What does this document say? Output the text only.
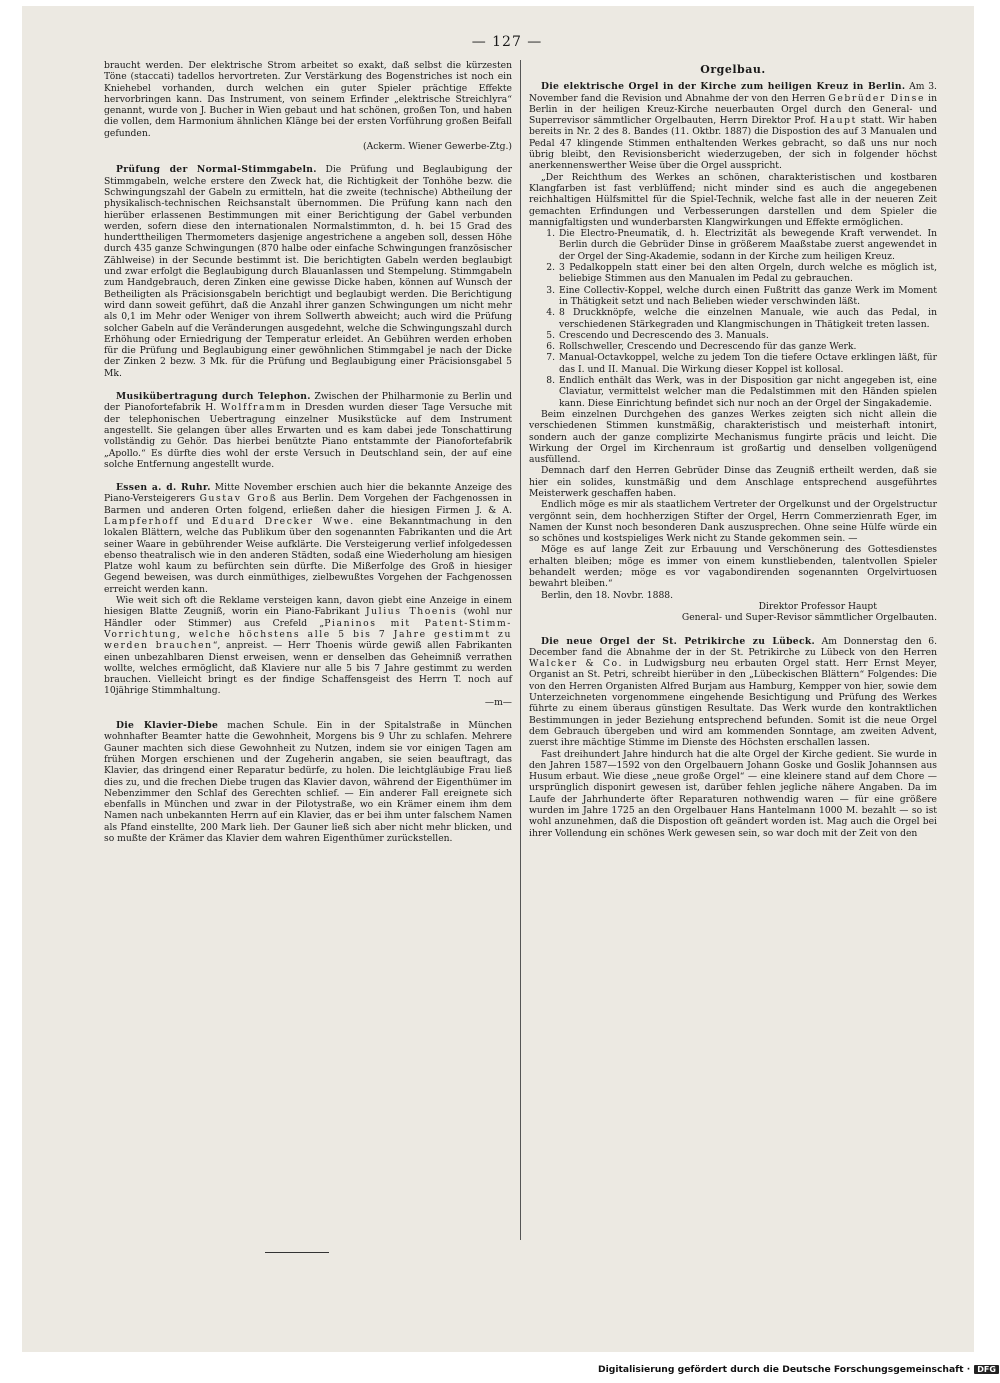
— 127 —

braucht werden. Der elektrische Strom arbeitet so exakt, daß selbst die kürzesten Töne (staccati) tadellos hervortreten. Zur Verstärkung des Bogenstriches ist noch ein Kniehebel vorhanden, durch welchen ein guter Spieler prächtige Effekte hervorbringen kann. Das Instrument, von seinem Erfinder „elektrische Streichlyra“ genannt, wurde von J. Bucher in Wien gebaut und hat schönen, großen Ton, und haben die vollen, dem Harmonium ähnlichen Klänge bei der ersten Vorführung großen Beifall gefunden.

(Ackerm. Wiener Gewerbe-Ztg.)

Prüfung der Normal-Stimmgabeln. Die Prüfung und Beglaubigung der Stimmgabeln, welche erstere den Zweck hat, die Richtigkeit der Tonhöhe bezw. die Schwingungszahl der Gabeln zu ermitteln, hat die zweite (technische) Abtheilung der physikalisch-technischen Reichsanstalt übernommen. Die Prüfung kann nach den hierüber erlassenen Bestimmungen mit einer Berichtigung der Gabel verbunden werden, sofern diese den internationalen Normalstimmton, d. h. bei 15 Grad des hunderttheiligen Thermometers dasjenige angestrichene a angeben soll, dessen Höhe durch 435 ganze Schwingungen (870 halbe oder einfache Schwingungen französischer Zählweise) in der Secunde bestimmt ist. Die berichtigten Gabeln werden beglaubigt und zwar erfolgt die Beglaubigung durch Blauanlassen und Stempelung. Stimmgabeln zum Handgebrauch, deren Zinken eine gewisse Dicke haben, können auf Wunsch der Betheiligten als Präcisionsgabeln berichtigt und beglaubigt werden. Die Berichtigung wird dann soweit geführt, daß die Anzahl ihrer ganzen Schwingungen um nicht mehr als 0,1 im Mehr oder Weniger von ihrem Sollwerth abweicht; auch wird die Prüfung solcher Gabeln auf die Veränderungen ausgedehnt, welche die Schwingungszahl durch Erhöhung oder Erniedrigung der Temperatur erleidet. An Gebühren werden erhoben für die Prüfung und Beglaubigung einer gewöhnlichen Stimmgabel je nach der Dicke der Zinken 2 bezw. 3 Mk. für die Prüfung und Beglaubigung einer Präcisionsgabel 5 Mk.

Musikübertragung durch Telephon. Zwischen der Philharmonie zu Berlin und der Pianofortefabrik H. Wolfframm in Dresden wurden dieser Tage Versuche mit der telephonischen Uebertragung einzelner Musikstücke auf dem Instrument angestellt. Sie gelangen über alles Erwarten und es kam dabei jede Tonschattirung vollständig zu Gehör. Das hierbei benützte Piano entstammte der Pianofortefabrik „Apollo.“ Es dürfte dies wohl der erste Versuch in Deutschland sein, der auf eine solche Entfernung angestellt wurde.

Essen a. d. Ruhr. Mitte November erschien auch hier die bekannte Anzeige des Piano-Versteigerers Gustav Groß aus Berlin. Dem Vorgehen der Fachgenossen in Barmen und anderen Orten folgend, erließen daher die hiesigen Firmen J. & A. Lampferhoff und Eduard Drecker Wwe. eine Bekanntmachung in den lokalen Blättern, welche das Publikum über den sogenannten Fabrikanten und die Art seiner Waare in gebührender Weise aufklärte. Die Versteigerung verlief infolgedessen ebenso theatralisch wie in den anderen Städten, sodaß eine Wiederholung am hiesigen Platze wohl kaum zu befürchten sein dürfte. Die Mißerfolge des Groß in hiesiger Gegend beweisen, was durch einmüthiges, zielbewußtes Vorgehen der Fachgenossen erreicht werden kann.

Wie weit sich oft die Reklame versteigen kann, davon giebt eine Anzeige in einem hiesigen Blatte Zeugniß, worin ein Piano-Fabrikant Julius Thoenis (wohl nur Händler oder Stimmer) aus Crefeld „Pianinos mit Patent-Stimm-Vorrichtung, welche höchstens alle 5 bis 7 Jahre gestimmt zu werden brauchen“, anpreist. — Herr Thoenis würde gewiß allen Fabrikanten einen unbezahlbaren Dienst erweisen, wenn er denselben das Geheimniß verrathen wollte, welches ermöglicht, daß Klaviere nur alle 5 bis 7 Jahre gestimmt zu werden brauchen. Vielleicht bringt es der findige Schaffensgeist des Herrn T. noch auf 10jährige Stimmhaltung.

—m—

Die Klavier-Diebe machen Schule. Ein in der Spitalstraße in München wohnhafter Beamter hatte die Gewohnheit, Morgens bis 9 Uhr zu schlafen. Mehrere Gauner machten sich diese Gewohnheit zu Nutzen, indem sie vor einigen Tagen am frühen Morgen erschienen und der Zugeherin angaben, sie seien beauftragt, das Klavier, das dringend einer Reparatur bedürfe, zu holen. Die leichtgläubige Frau ließ dies zu, und die frechen Diebe trugen das Klavier davon, während der Eigenthümer im Nebenzimmer den Schlaf des Gerechten schlief. — Ein anderer Fall ereignete sich ebenfalls in München und zwar in der Pilotystraße, wo ein Krämer einem ihm dem Namen nach unbekannten Herrn auf ein Klavier, das er bei ihm unter falschem Namen als Pfand einstellte, 200 Mark lieh. Der Gauner ließ sich aber nicht mehr blicken, und so mußte der Krämer das Klavier dem wahren Eigenthümer zurückstellen.

Orgelbau.

Die elektrische Orgel in der Kirche zum heiligen Kreuz in Berlin. Am 3. November fand die Revision und Abnahme der von den Herren Gebrüder Dinse in Berlin in der heiligen Kreuz-Kirche neuerbauten Orgel durch den General- und Superrevisor sämmtlicher Orgelbauten, Herrn Direktor Prof. Haupt statt. Wir haben bereits in Nr. 2 des 8. Bandes (11. Oktbr. 1887) die Dispostion des auf 3 Manualen und Pedal 47 klingende Stimmen enthaltenden Werkes gebracht, so daß uns nur noch übrig bleibt, den Revisionsbericht wiederzugeben, der sich in folgender höchst anerkennenswerther Weise über die Orgel ausspricht.

„Der Reichthum des Werkes an schönen, charakteristischen und kostbaren Klangfarben ist fast verblüffend; nicht minder sind es auch die angegebenen reichhaltigen Hülfsmittel für die Spiel-Technik, welche fast alle in der neueren Zeit gemachten Erfindungen und Verbesserungen darstellen und dem Spieler die mannigfaltigsten und wunderbarsten Klangwirkungen und Effekte ermöglichen.

1. Die Electro-Pneumatik, d. h. Electrizität als bewegende Kraft verwendet. In Berlin durch die Gebrüder Dinse in größerem Maaßstabe zuerst angewendet in der Orgel der Sing-Akademie, sodann in der Kirche zum heiligen Kreuz.
2. 3 Pedalkoppeln statt einer bei den alten Orgeln, durch welche es möglich ist, beliebige Stimmen aus den Manualen im Pedal zu gebrauchen.
3. Eine Collectiv-Koppel, welche durch einen Fußtritt das ganze Werk im Moment in Thätigkeit setzt und nach Belieben wieder verschwinden läßt.
4. 8 Druckknöpfe, welche die einzelnen Manuale, wie auch das Pedal, in verschiedenen Stärkegraden und Klangmischungen in Thätigkeit treten lassen.
5. Crescendo und Decrescendo des 3. Manuals.
6. Rollschweller, Crescendo und Decrescendo für das ganze Werk.
7. Manual-Octavkoppel, welche zu jedem Ton die tiefere Octave erklingen läßt, für das I. und II. Manual. Die Wirkung dieser Koppel ist kollosal.
8. Endlich enthält das Werk, was in der Disposition gar nicht angegeben ist, eine Claviatur, vermittelst welcher man die Pedalstimmen mit den Händen spielen kann. Diese Einrichtung befindet sich nur noch an der Orgel der Singakademie.

Beim einzelnen Durchgehen des ganzes Werkes zeigten sich nicht allein die verschiedenen Stimmen kunstmäßig, charakteristisch und meisterhaft intonirt, sondern auch der ganze complizirte Mechanismus fungirte präcis und leicht. Die Wirkung der Orgel im Kirchenraum ist großartig und denselben vollgenügend ausfüllend.

Demnach darf den Herren Gebrüder Dinse das Zeugniß ertheilt werden, daß sie hier ein solides, kunstmäßig und dem Anschlage entsprechend ausgeführtes Meisterwerk geschaffen haben.

Endlich möge es mir als staatlichem Vertreter der Orgelkunst und der Orgelstructur vergönnt sein, dem hochherzigen Stifter der Orgel, Herrn Commerzienrath Eger, im Namen der Kunst noch besonderen Dank auszusprechen. Ohne seine Hülfe würde ein so schönes und kostspieliges Werk nicht zu Stande gekommen sein. —

Möge es auf lange Zeit zur Erbauung und Verschönerung des Gottesdienstes erhalten bleiben; möge es immer von einem kunstliebenden, talentvollen Spieler behandelt werden; möge es vor vagabondirenden sogenannten Orgelvirtuosen bewahrt bleiben.“

Berlin, den 18. Novbr. 1888.

Direktor Professor Haupt

General- und Super-Revisor sämmtlicher Orgelbauten.

Die neue Orgel der St. Petrikirche zu Lübeck. Am Donnerstag den 6. December fand die Abnahme der in der St. Petrikirche zu Lübeck von den Herren Walcker & Co. in Ludwigsburg neu erbauten Orgel statt. Herr Ernst Meyer, Organist an St. Petri, schreibt hierüber in den „Lübeckischen Blättern“ Folgendes: Die von den Herren Organisten Alfred Burjam aus Hamburg, Kempper von hier, sowie dem Unterzeichneten vorgenommene eingehende Besichtigung und Prüfung des Werkes führte zu einem überaus günstigen Resultate. Das Werk wurde den kontraktlichen Bestimmungen in jeder Beziehung entsprechend befunden. Somit ist die neue Orgel dem Gebrauch übergeben und wird am kommenden Sonntage, am zweiten Advent, zuerst ihre mächtige Stimme im Dienste des Höchsten erschallen lassen.

Fast dreihundert Jahre hindurch hat die alte Orgel der Kirche gedient. Sie wurde in den Jahren 1587—1592 von den Orgelbauern Johann Goske und Goslik Johannsen aus Husum erbaut. Wie diese „neue große Orgel“ — eine kleinere stand auf dem Chore — ursprünglich disponirt gewesen ist, darüber fehlen jegliche nähere Angaben. Da im Laufe der Jahrhunderte öfter Reparaturen nothwendig waren — für eine größere wurden im Jahre 1725 an den Orgelbauer Hans Hantelmann 1000 M. bezahlt — so ist wohl anzunehmen, daß die Dispostion oft geändert worden ist. Mag auch die Orgel bei ihrer Vollendung ein schönes Werk gewesen sein, so war doch mit der Zeit von den

Digitalisierung gefördert durch die Deutsche Forschungsgemeinschaft · DFG
